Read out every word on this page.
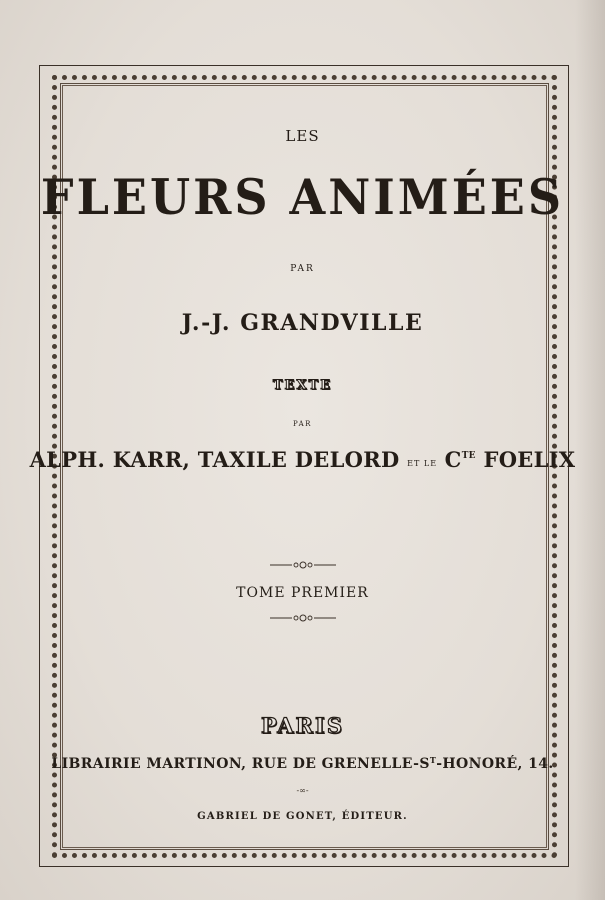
LES
FLEURS ANIMÉES
PAR
J.-J. GRANDVILLE
TEXTE
PAR
ALPH. KARR, TAXILE DELORD ET LE $C^{TE}$ FOELIX
TOME PREMIER
PARIS
LIBRAIRIE MARTINON, RUE DE GRENELLE-$S^T$-HONORÉ, 14.
-∞-
GABRIEL DE GONET, ÉDITEUR.
